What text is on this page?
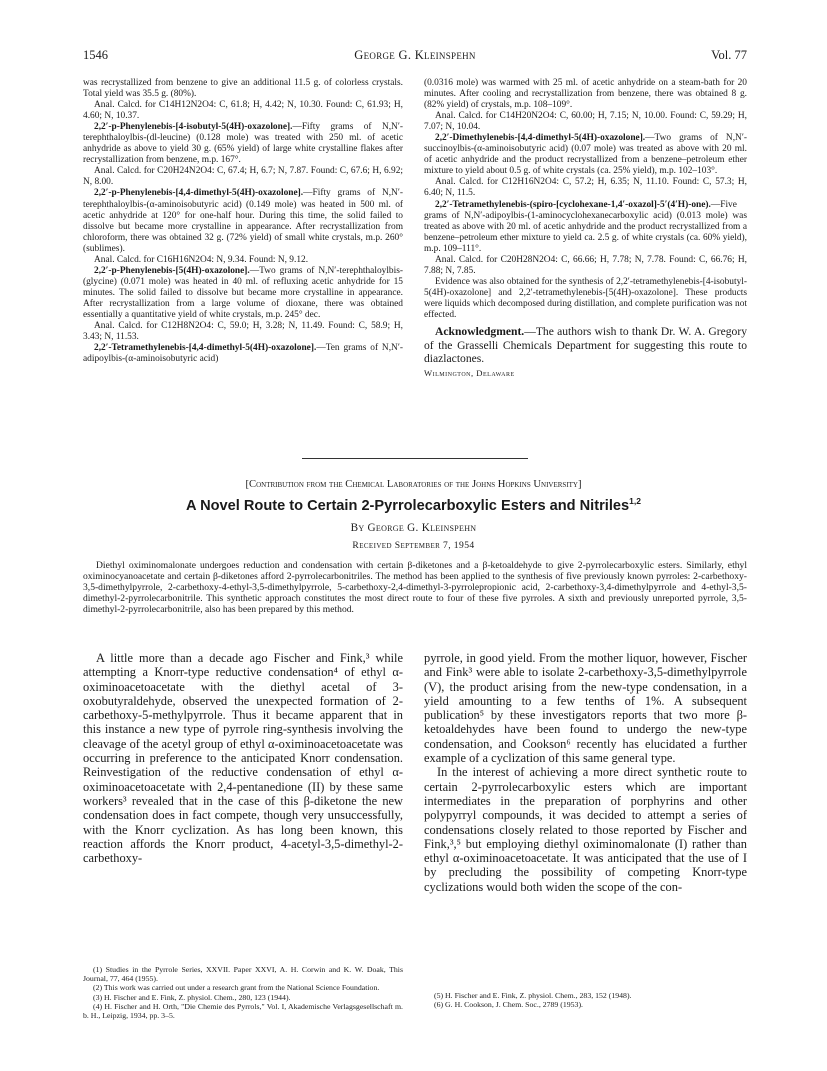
1546	George G. Kleinspehn	Vol. 77

was recrystallized from benzene to give an additional 11.5 g. of colorless crystals. Total yield was 35.5 g. (80%).

Anal. Calcd. for C14H12N2O4: C, 61.8; H, 4.42; N, 10.30. Found: C, 61.93; H, 4.60; N, 10.37.

2,2′-p-Phenylenebis-[4-isobutyl-5(4H)-oxazolone].—Fifty grams of N,N′-terephthaloylbis-(dl-leucine) (0.128 mole) was treated with 250 ml. of acetic anhydride as above to yield 30 g. (65% yield) of large white crystalline flakes after recrystallization from benzene, m.p. 167°.

Anal. Calcd. for C20H24N2O4: C, 67.4; H, 6.7; N, 7.87. Found: C, 67.6; H, 6.92; N, 8.00.

2,2′-p-Phenylenebis-[4,4-dimethyl-5(4H)-oxazolone].—Fifty grams of N,N′-terephthaloylbis-(α-aminoisobutyric acid) (0.149 mole) was heated in 500 ml. of acetic anhydride at 120° for one-half hour. During this time, the solid failed to dissolve but became more crystalline in appearance. After recrystallization from chloroform, there was obtained 32 g. (72% yield) of small white crystals, m.p. 260° (sublimes).

Anal. Calcd. for C16H16N2O4: N, 9.34. Found: N, 9.12.

2,2′-p-Phenylenebis-[5(4H)-oxazolone].—Two grams of N,N′-terephthaloylbis-(glycine) (0.071 mole) was heated in 40 ml. of refluxing acetic anhydride for 15 minutes. The solid failed to dissolve but became more crystalline in appearance. After recrystallization from a large volume of dioxane, there was obtained essentially a quantitative yield of white crystals, m.p. 245° dec.

Anal. Calcd. for C12H8N2O4: C, 59.0; H, 3.28; N, 11.49. Found: C, 58.9; H, 3.43; N, 11.53.

2,2′-Tetramethylenebis-[4,4-dimethyl-5(4H)-oxazolone].—Ten grams of N,N′-adipoylbis-(α-aminoisobutyric acid)

(0.0316 mole) was warmed with 25 ml. of acetic anhydride on a steam-bath for 20 minutes. After cooling and recrystallization from benzene, there was obtained 8 g. (82% yield) of crystals, m.p. 108–109°.

Anal. Calcd. for C14H20N2O4: C, 60.00; H, 7.15; N, 10.00. Found: C, 59.29; H, 7.07; N, 10.04.

2,2′-Dimethylenebis-[4,4-dimethyl-5(4H)-oxazolone].—Two grams of N,N′-succinoylbis-(α-aminoisobutyric acid) (0.07 mole) was treated as above with 20 ml. of acetic anhydride and the product recrystallized from a benzene–petroleum ether mixture to yield about 0.5 g. of white crystals (ca. 25% yield), m.p. 102–103°.

Anal. Calcd. for C12H16N2O4: C, 57.2; H, 6.35; N, 11.10. Found: C, 57.3; H, 6.40; N, 11.5.

2,2′-Tetramethylenebis-(spiro-[cyclohexane-1,4′-oxazol]-5′(4′H)-one).—Five grams of N,N′-adipoylbis-(1-aminocyclohexanecarboxylic acid) (0.013 mole) was treated as above with 20 ml. of acetic anhydride and the product recrystallized from a benzene–petroleum ether mixture to yield ca. 2.5 g. of white crystals (ca. 60% yield), m.p. 109–111°.

Anal. Calcd. for C20H28N2O4: C, 66.66; H, 7.78; N, 7.78. Found: C, 66.76; H, 7.88; N, 7.85.

Evidence was also obtained for the synthesis of 2,2′-tetramethylenebis-[4-isobutyl-5(4H)-oxazolone] and 2,2′-tetramethylenebis-[5(4H)-oxazolone]. These products were liquids which decomposed during distillation, and complete purification was not effected.

Acknowledgment.—The authors wish to thank Dr. W. A. Gregory of the Grasselli Chemicals Department for suggesting this route to diazlactones.

Wilmington, Delaware

[Contribution from the Chemical Laboratories of the Johns Hopkins University]
A Novel Route to Certain 2-Pyrrolecarboxylic Esters and Nitriles$^{1,2}$
By George G. Kleinspehn
Received September 7, 1954

Diethyl oximinomalonate undergoes reduction and condensation with certain β-diketones and a β-ketoaldehyde to give 2-pyrrolecarboxylic esters. Similarly, ethyl oximinocyanoacetate and certain β-diketones afford 2-pyrrolecarbonitriles. The method has been applied to the synthesis of five previously known pyrroles: 2-carbethoxy-3,5-dimethylpyrrole, 2-carbethoxy-4-ethyl-3,5-dimethylpyrrole, 5-carbethoxy-2,4-dimethyl-3-pyrrolepropionic acid, 2-carbethoxy-3,4-dimethylpyrrole and 4-ethyl-3,5-dimethyl-2-pyrrolecarbonitrile. This synthetic approach constitutes the most direct route to four of these five pyrroles. A sixth and previously unreported pyrrole, 3,5-dimethyl-2-pyrrolecarbonitrile, also has been prepared by this method.

A little more than a decade ago Fischer and Fink,³ while attempting a Knorr-type reductive condensation⁴ of ethyl α-oximinoacetoacetate with the diethyl acetal of 3-oxobutyraldehyde, observed the unexpected formation of 2-carbethoxy-5-methylpyrrole. Thus it became apparent that in this instance a new type of pyrrole ring-synthesis involving the cleavage of the acetyl group of ethyl α-oximinoacetoacetate was occurring in preference to the anticipated Knorr condensation. Reinvestigation of the reductive condensation of ethyl α-oximinoacetoacetate with 2,4-pentanedione (II) by these same workers³ revealed that in the case of this β-diketone the new condensation does in fact compete, though very unsuccessfully, with the Knorr cyclization. As has long been known, this reaction affords the Knorr product, 4-acetyl-3,5-dimethyl-2-carbethoxy-

pyrrole, in good yield. From the mother liquor, however, Fischer and Fink³ were able to isolate 2-carbethoxy-3,5-dimethylpyrrole (V), the product arising from the new-type condensation, in a yield amounting to a few tenths of 1%. A subsequent publication⁵ by these investigators reports that two more β-ketoaldehydes have been found to undergo the new-type condensation, and Cookson⁶ recently has elucidated a further example of a cyclization of this same general type.

In the interest of achieving a more direct synthetic route to certain 2-pyrrolecarboxylic esters which are important intermediates in the preparation of porphyrins and other polypyrryl compounds, it was decided to attempt a series of condensations closely related to those reported by Fischer and Fink,³,⁵ but employing diethyl oximinomalonate (I) rather than ethyl α-oximinoacetoacetate. It was anticipated that the use of I by precluding the possibility of competing Knorr-type cyclizations would both widen the scope of the con-

(1) Studies in the Pyrrole Series, XXVII. Paper XXVI, A. H. Corwin and K. W. Doak, This Journal, 77, 464 (1955).

(2) This work was carried out under a research grant from the National Science Foundation.

(3) H. Fischer and E. Fink, Z. physiol. Chem., 280, 123 (1944).

(4) H. Fischer and H. Orth, "Die Chemie des Pyrrols," Vol. I, Akademische Verlagsgesellschaft m. b. H., Leipzig, 1934, pp. 3–5.

(5) H. Fischer and E. Fink, Z. physiol. Chem., 283, 152 (1948).

(6) G. H. Cookson, J. Chem. Soc., 2789 (1953).
